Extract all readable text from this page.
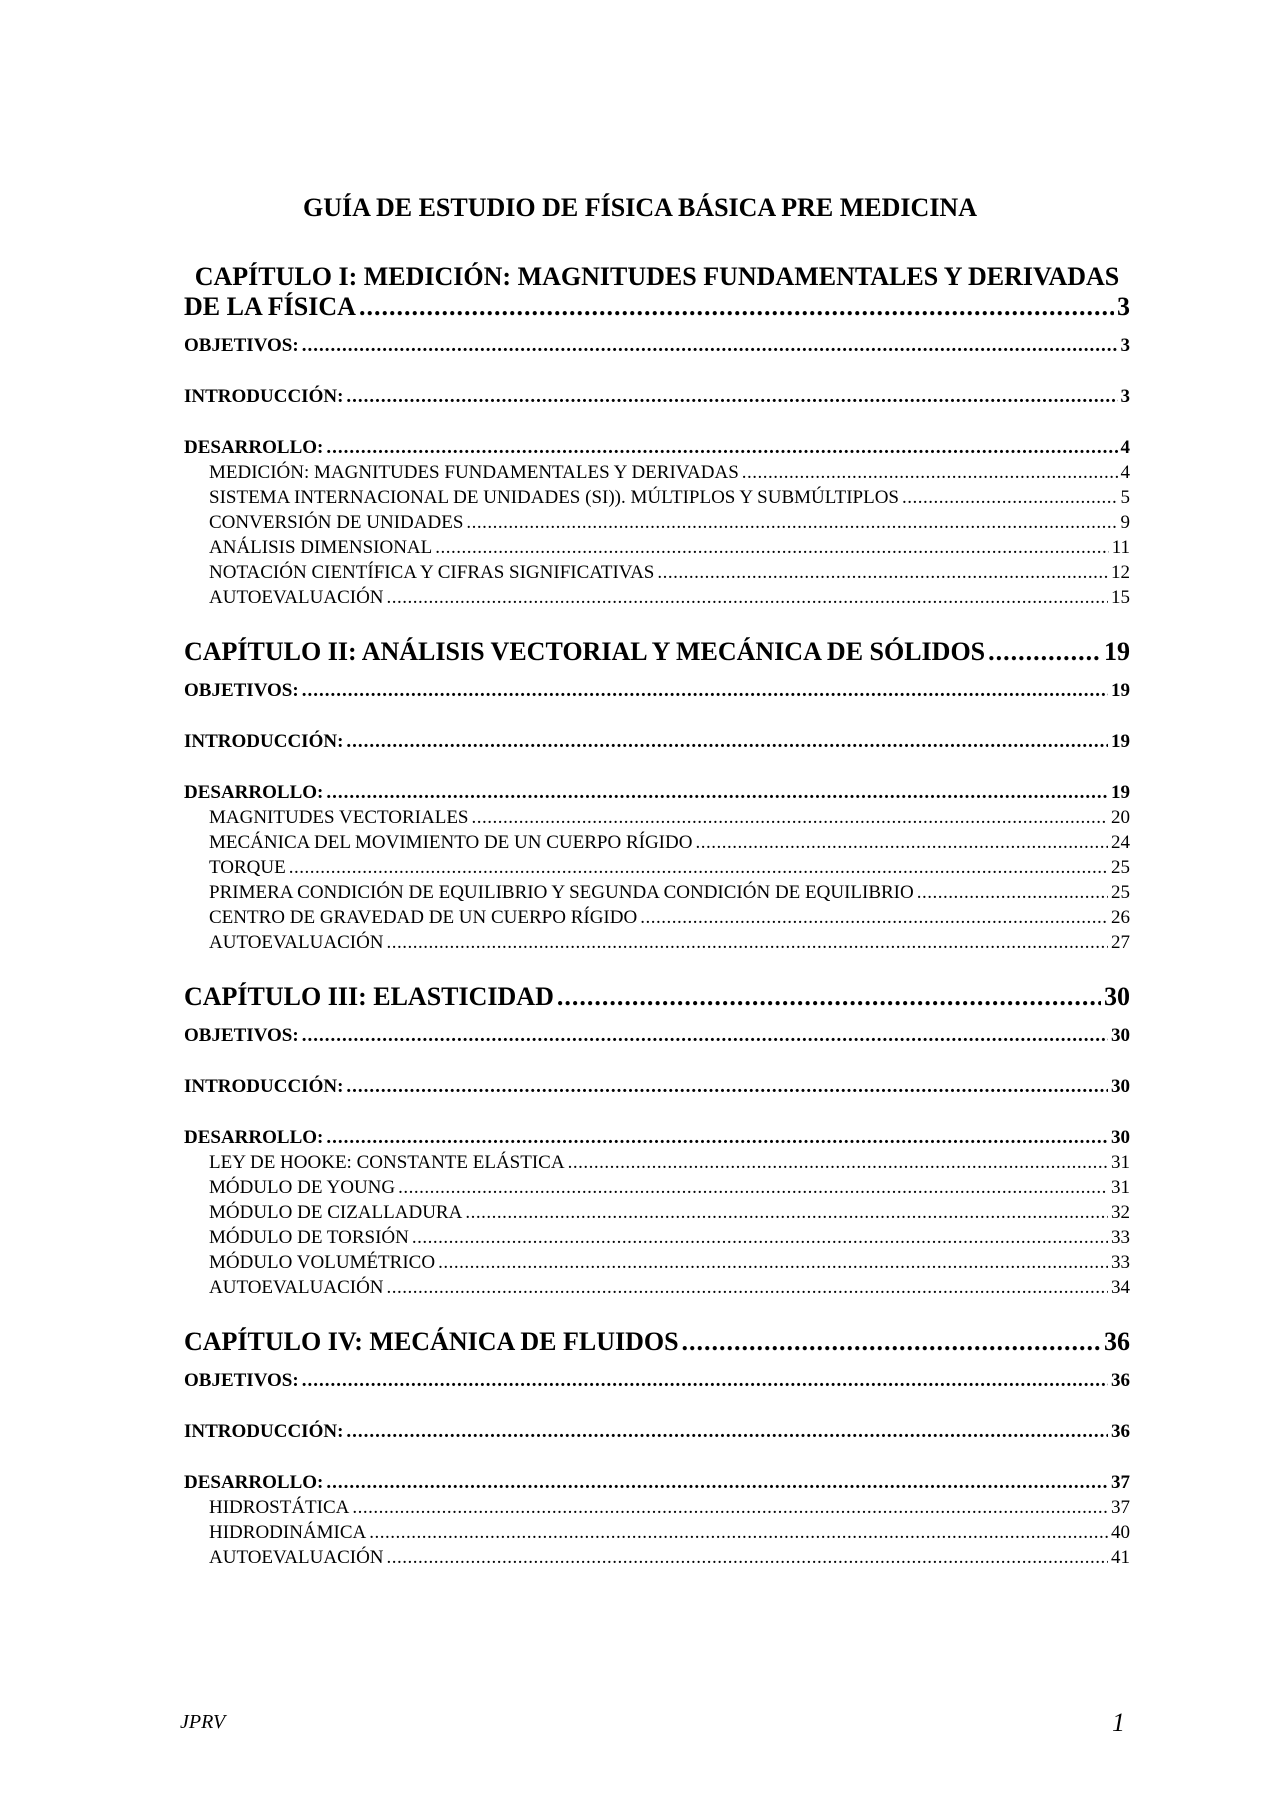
GUÍA DE ESTUDIO DE FÍSICA BÁSICA PRE MEDICINA
CAPÍTULO I: MEDICIÓN: MAGNITUDES FUNDAMENTALES Y DERIVADAS
DE LA FÍSICA .....	3
OBJETIVOS: .....	3
INTRODUCCIÓN: .....	3
DESARROLLO: .....	4
MEDICIÓN: MAGNITUDES FUNDAMENTALES Y DERIVADAS .....	4
SISTEMA INTERNACIONAL DE UNIDADES (SI)). MÚLTIPLOS Y SUBMÚLTIPLOS .....	5
CONVERSIÓN DE UNIDADES .....	9
ANÁLISIS DIMENSIONAL .....	11
NOTACIÓN CIENTÍFICA Y CIFRAS SIGNIFICATIVAS .....	12
AUTOEVALUACIÓN .....	15
CAPÍTULO II: ANÁLISIS VECTORIAL Y MECÁNICA DE SÓLIDOS .....	19
OBJETIVOS: .....	19
INTRODUCCIÓN: .....	19
DESARROLLO: .....	19
MAGNITUDES VECTORIALES .....	20
MECÁNICA DEL MOVIMIENTO DE UN CUERPO RÍGIDO .....	24
TORQUE .....	25
PRIMERA CONDICIÓN DE EQUILIBRIO Y SEGUNDA CONDICIÓN DE EQUILIBRIO .....	25
CENTRO DE GRAVEDAD DE UN CUERPO RÍGIDO .....	26
AUTOEVALUACIÓN .....	27
CAPÍTULO III: ELASTICIDAD .....	30
OBJETIVOS: .....	30
INTRODUCCIÓN: .....	30
DESARROLLO: .....	30
LEY DE HOOKE: CONSTANTE ELÁSTICA .....	31
MÓDULO DE YOUNG .....	31
MÓDULO DE CIZALLADURA .....	32
MÓDULO DE TORSIÓN .....	33
MÓDULO VOLUMÉTRICO .....	33
AUTOEVALUACIÓN .....	34
CAPÍTULO IV: MECÁNICA DE FLUIDOS .....	36
OBJETIVOS: .....	36
INTRODUCCIÓN: .....	36
DESARROLLO: .....	37
HIDROSTÁTICA .....	37
HIDRODINÁMICA .....	40
AUTOEVALUACIÓN .....	41
JPRV	1
